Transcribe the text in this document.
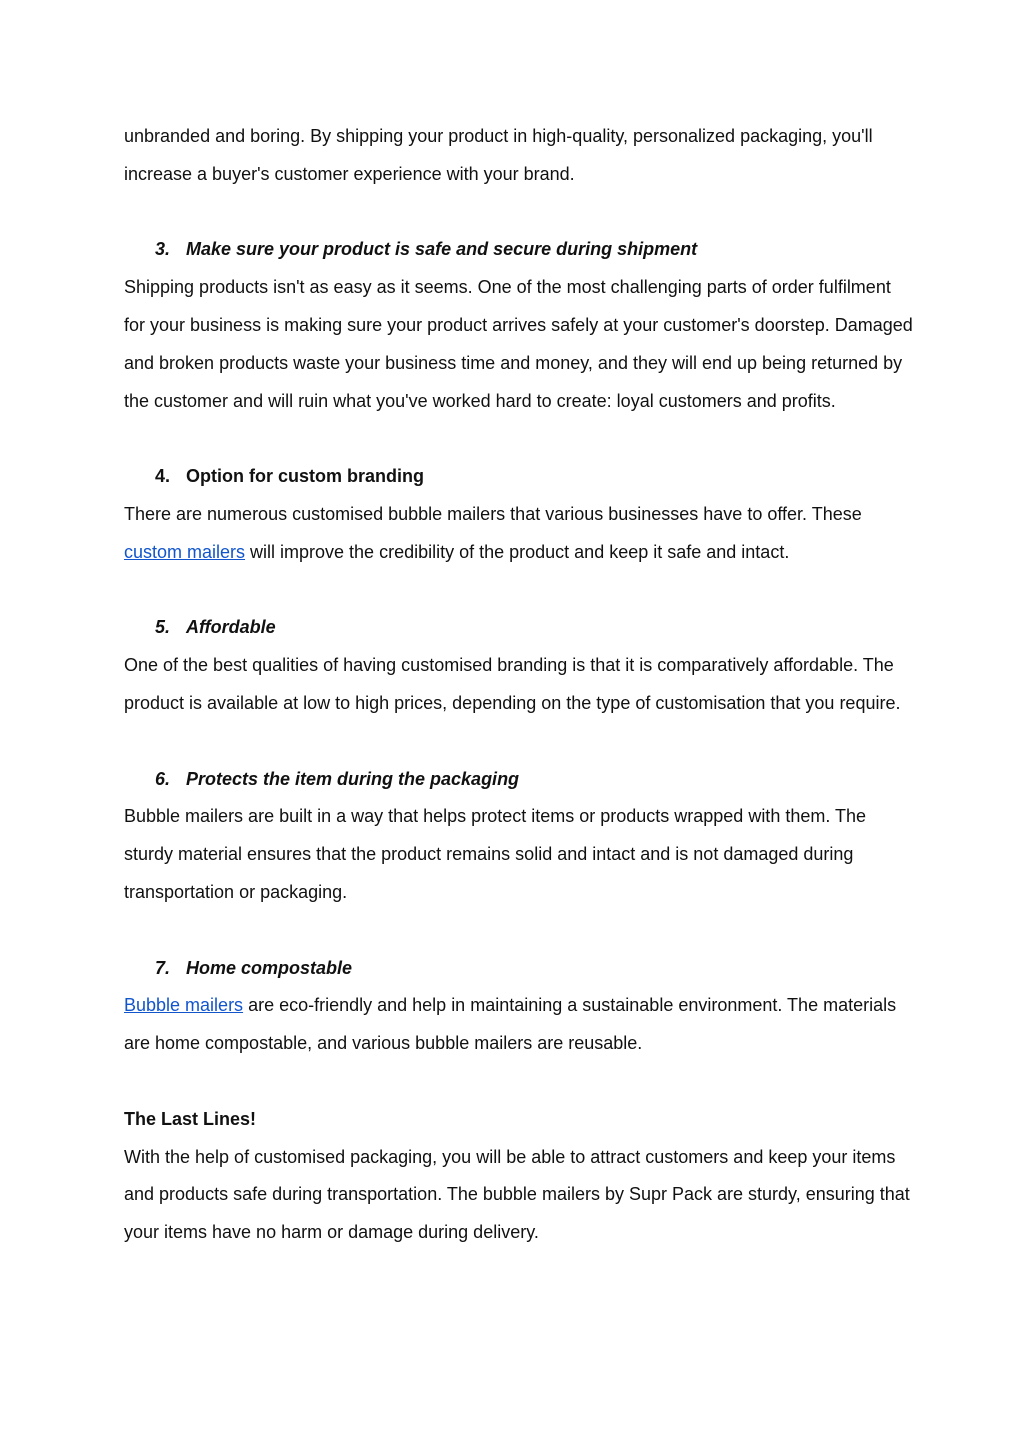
unbranded and boring. By shipping your product in high-quality, personalized packaging, you'll increase a buyer's customer experience with your brand.

3. Make sure your product is safe and secure during shipment

Shipping products isn't as easy as it seems. One of the most challenging parts of order fulfilment for your business is making sure your product arrives safely at your customer's doorstep. Damaged and broken products waste your business time and money, and they will end up being returned by the customer and will ruin what you've worked hard to create: loyal customers and profits.

4. Option for custom branding

There are numerous customised bubble mailers that various businesses have to offer. These custom mailers will improve the credibility of the product and keep it safe and intact.

5. Affordable

One of the best qualities of having customised branding is that it is comparatively affordable. The product is available at low to high prices, depending on the type of customisation that you require.

6. Protects the item during the packaging

Bubble mailers are built in a way that helps protect items or products wrapped with them. The sturdy material ensures that the product remains solid and intact and is not damaged during transportation or packaging.

7. Home compostable

Bubble mailers are eco-friendly and help in maintaining a sustainable environment. The materials are home compostable, and various bubble mailers are reusable.

The Last Lines!

With the help of customised packaging, you will be able to attract customers and keep your items and products safe during transportation. The bubble mailers by Supr Pack are sturdy, ensuring that your items have no harm or damage during delivery.
